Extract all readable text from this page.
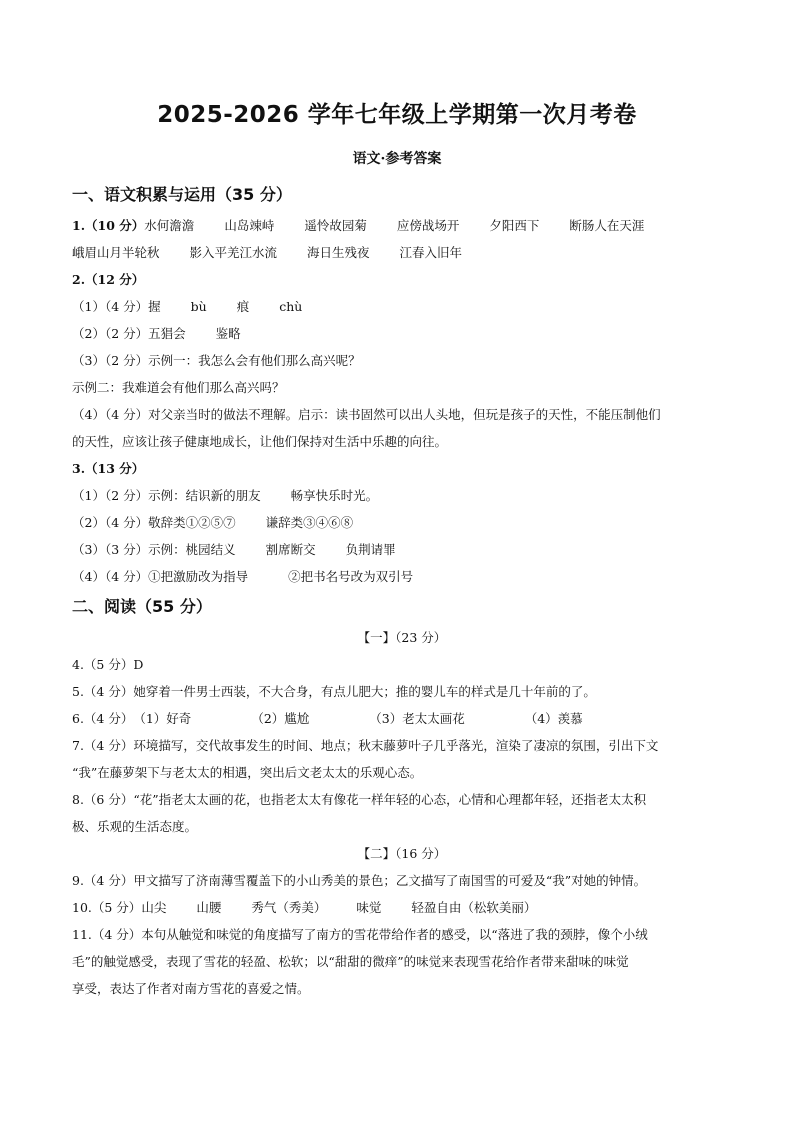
2025-2026 学年七年级上学期第一次月考卷
语文·参考答案
一、语文积累与运用（35 分）
1.（10 分）水何澹澹 山岛竦峙 遥怜故园菊 应傍战场开 夕阳西下 断肠人在天涯
峨眉山月半轮秋 影入平羌江水流 海日生残夜 江春入旧年
2.（12 分）
（1）（4 分）握 bù 痕 chù
（2）（2 分）五猖会 鉴略
（3）（2 分）示例一：我怎么会有他们那么高兴呢？
示例二：我难道会有他们那么高兴吗？
（4）（4 分）对父亲当时的做法不理解。启示：读书固然可以出人头地，但玩是孩子的天性，不能压制他们
的天性，应该让孩子健康地成长，让他们保持对生活中乐趣的向往。
3.（13 分）
（1）（2 分）示例：结识新的朋友 畅享快乐时光。
（2）（4 分）敬辞类①②⑤⑦ 谦辞类③④⑥⑧
（3）（3 分）示例：桃园结义 割席断交 负荆请罪
（4）（4 分）①把激励改为指导	②把书名号改为双引号
二、阅读（55 分）
【一】（23 分）
4.（5 分）D
5.（4 分）她穿着一件男士西装，不大合身，有点儿肥大；推的婴儿车的样式是几十年前的了。
6.（4 分）（1）好奇	（2）尴尬	（3）老太太画花	（4）羡慕
7.（4 分）环境描写，交代故事发生的时间、地点；秋末藤萝叶子几乎落光，渲染了凄凉的氛围，引出下文
“我”在藤萝架下与老太太的相遇，突出后文老太太的乐观心态。
8.（6 分）“花”指老太太画的花，也指老太太有像花一样年轻的心态，心情和心理都年轻，还指老太太积
极、乐观的生活态度。
【二】（16 分）
9.（4 分）甲文描写了济南薄雪覆盖下的小山秀美的景色；乙文描写了南国雪的可爱及“我”对她的钟情。
10.（5 分）山尖 山腰 秀气（秀美） 味觉 轻盈自由（松软美丽）
11.（4 分）本句从触觉和味觉的角度描写了南方的雪花带给作者的感受，以“落进了我的颈脖，像个小绒
毛”的触觉感受，表现了雪花的轻盈、松软；以“甜甜的微痒”的味觉来表现雪花给作者带来甜味的味觉
享受，表达了作者对南方雪花的喜爱之情。
